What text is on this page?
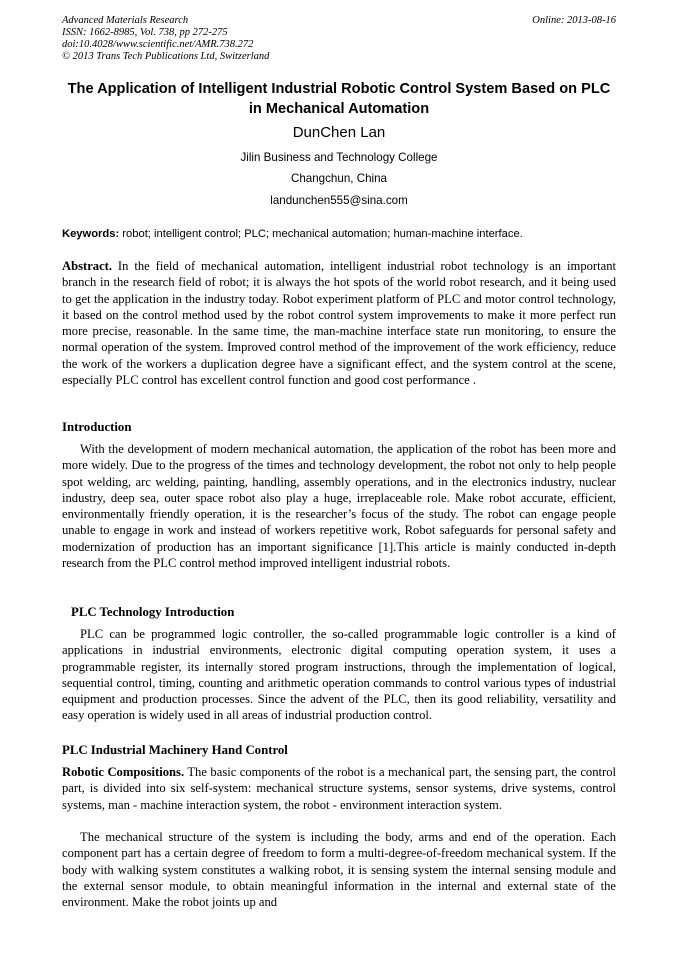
Advanced Materials Research
ISSN: 1662-8985, Vol. 738, pp 272-275
doi:10.4028/www.scientific.net/AMR.738.272
© 2013 Trans Tech Publications Ltd, Switzerland
Online: 2013-08-16
The Application of Intelligent Industrial Robotic Control System Based on PLC in Mechanical Automation
DunChen Lan
Jilin Business and Technology College
Changchun, China
landunchen555@sina.com
Keywords: robot; intelligent control; PLC; mechanical automation; human-machine interface.
Abstract. In the field of mechanical automation, intelligent industrial robot technology is an important branch in the research field of robot; it is always the hot spots of the world robot research, and it being used to get the application in the industry today. Robot experiment platform of PLC and motor control technology, it based on the control method used by the robot control system improvements to make it more perfect run more precise, reasonable. In the same time, the man-machine interface state run monitoring, to ensure the normal operation of the system. Improved control method of the improvement of the work efficiency, reduce the work of the workers a duplication degree have a significant effect, and the system control at the scene, especially PLC control has excellent control function and good cost performance .
Introduction
With the development of modern mechanical automation, the application of the robot has been more and more widely. Due to the progress of the times and technology development, the robot not only to help people spot welding, arc welding, painting, handling, assembly operations, and in the electronics industry, nuclear industry, deep sea, outer space robot also play a huge, irreplaceable role. Make robot accurate, efficient, environmentally friendly operation, it is the researcher’s focus of the study. The robot can engage people unable to engage in work and instead of workers repetitive work, Robot safeguards for personal safety and modernization of production has an important significance [1].This article is mainly conducted in-depth research from the PLC control method improved intelligent industrial robots.
PLC Technology Introduction
PLC can be programmed logic controller, the so-called programmable logic controller is a kind of applications in industrial environments, electronic digital computing operation system, it uses a programmable register, its internally stored program instructions, through the implementation of logical, sequential control, timing, counting and arithmetic operation commands to control various types of industrial equipment and production processes. Since the advent of the PLC, then its good reliability, versatility and easy operation is widely used in all areas of industrial production control.
PLC Industrial Machinery Hand Control
Robotic Compositions. The basic components of the robot is a mechanical part, the sensing part, the control part, is divided into six self-system: mechanical structure systems, sensor systems, drive systems, control systems, man - machine interaction system, the robot - environment interaction system.
The mechanical structure of the system is including the body, arms and end of the operation. Each component part has a certain degree of freedom to form a multi-degree-of-freedom mechanical system. If the body with walking system constitutes a walking robot, it is sensing system the internal sensing module and the external sensor module, to obtain meaningful information in the internal and external state of the environment. Make the robot joints up and
